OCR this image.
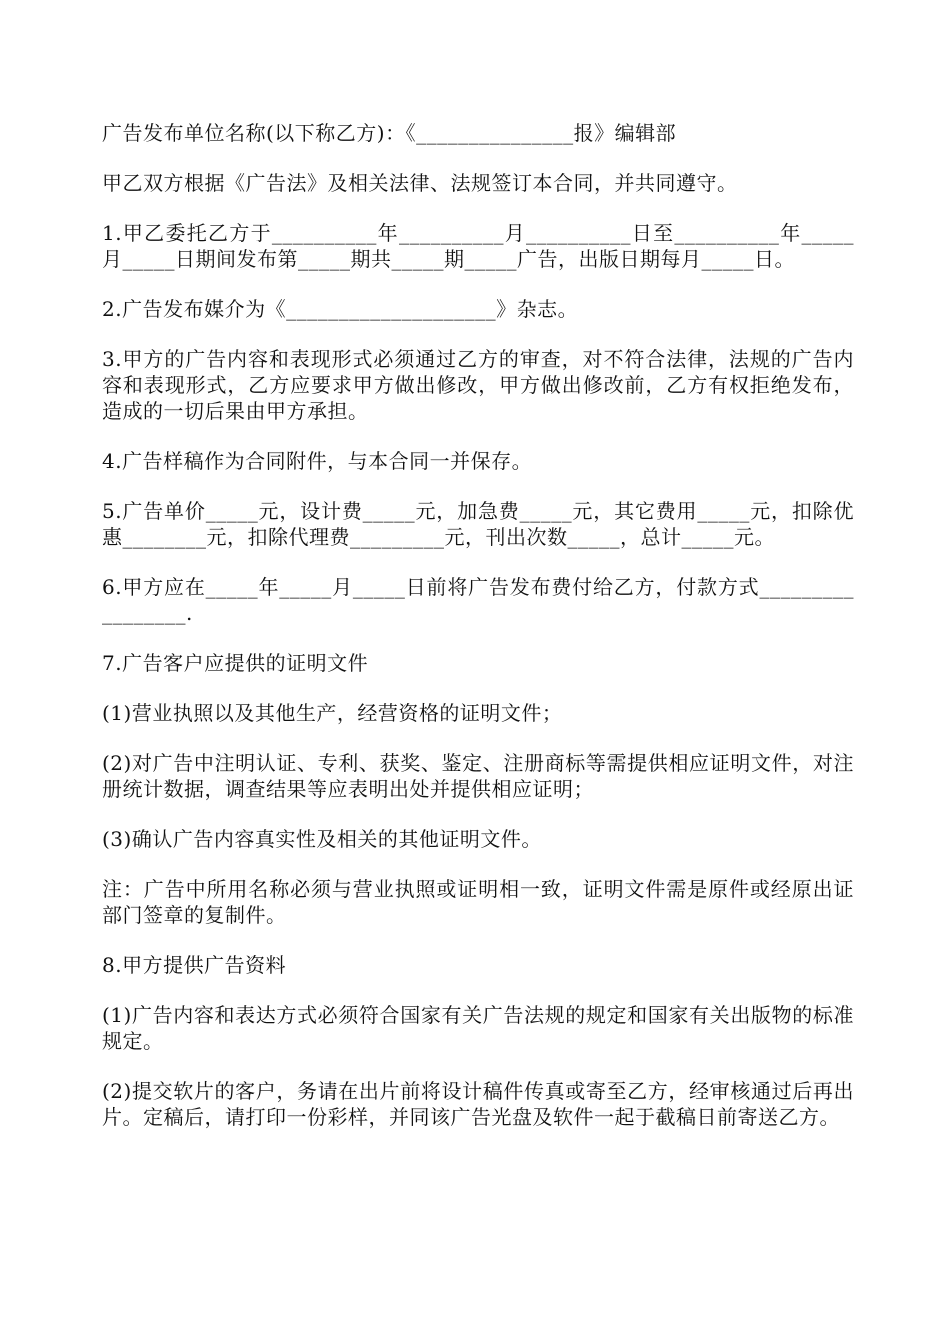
广告发布单位名称(以下称乙方)：《_______________报》编辑部

甲乙双方根据《广告法》及相关法律、法规签订本合同，并共同遵守。

1.甲乙委托乙方于__________年__________月__________日至__________年_____月_____日期间发布第_____期共_____期_____广告，出版日期每月_____日。

2.广告发布媒介为《____________________》杂志。

3.甲方的广告内容和表现形式必须通过乙方的审查，对不符合法律，法规的广告内容和表现形式，乙方应要求甲方做出修改，甲方做出修改前，乙方有权拒绝发布，造成的一切后果由甲方承担。

4.广告样稿作为合同附件，与本合同一并保存。

5.广告单价_____元，设计费_____元，加急费_____元，其它费用_____元，扣除优惠________元，扣除代理费_________元，刊出次数_____，总计_____元。

6.甲方应在_____年_____月_____日前将广告发布费付给乙方，付款方式_________________.

7.广告客户应提供的证明文件

(1)营业执照以及其他生产，经营资格的证明文件；

(2)对广告中注明认证、专利、获奖、鉴定、注册商标等需提供相应证明文件，对注册统计数据，调查结果等应表明出处并提供相应证明；

(3)确认广告内容真实性及相关的其他证明文件。

注：广告中所用名称必须与营业执照或证明相一致，证明文件需是原件或经原出证部门签章的复制件。

8.甲方提供广告资料

(1)广告内容和表达方式必须符合国家有关广告法规的规定和国家有关出版物的标准规定。

(2)提交软片的客户，务请在出片前将设计稿件传真或寄至乙方，经审核通过后再出片。定稿后，请打印一份彩样，并同该广告光盘及软件一起于截稿日前寄送乙方。
